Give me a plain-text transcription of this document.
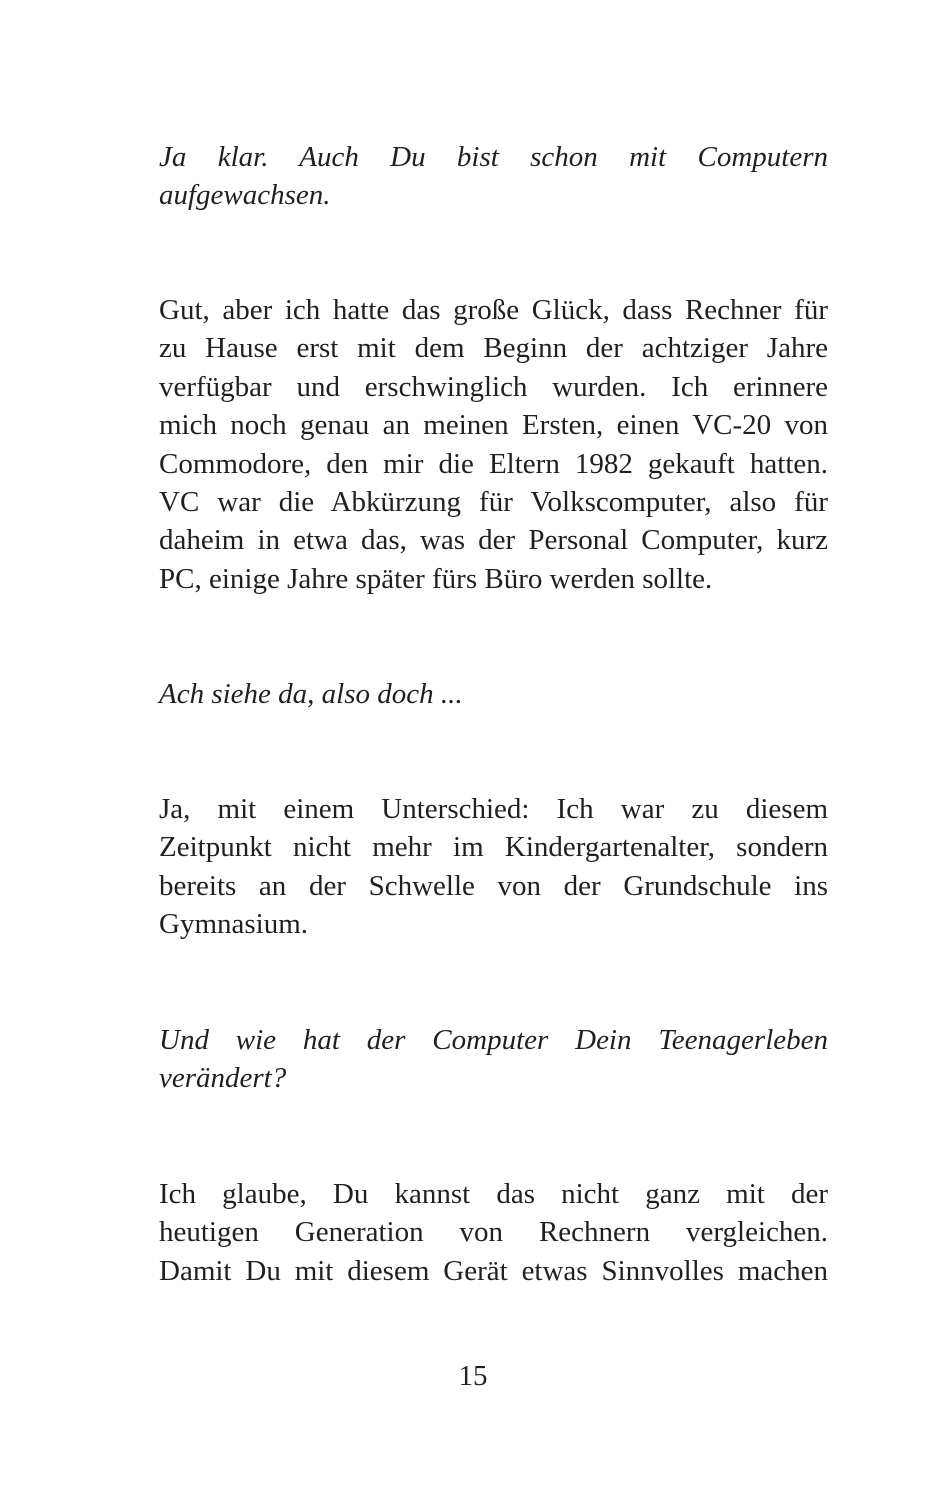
Ja klar. Auch Du bist schon mit Computern
aufgewachsen.

Gut, aber ich hatte das große Glück, dass Rechner für
zu Hause erst mit dem Beginn der achtziger Jahre
verfügbar und erschwinglich wurden. Ich erinnere
mich noch genau an meinen Ersten, einen VC-20 von
Commodore, den mir die Eltern 1982 gekauft hatten.
VC war die Abkürzung für Volkscomputer, also für
daheim in etwa das, was der Personal Computer, kurz
PC, einige Jahre später fürs Büro werden sollte.

Ach siehe da, also doch ...

Ja, mit einem Unterschied: Ich war zu diesem
Zeitpunkt nicht mehr im Kindergartenalter, sondern
bereits an der Schwelle von der Grundschule ins
Gymnasium.

Und wie hat der Computer Dein Teenagerleben
verändert?

Ich glaube, Du kannst das nicht ganz mit der
heutigen Generation von Rechnern vergleichen.
Damit Du mit diesem Gerät etwas Sinnvolles machen

15
